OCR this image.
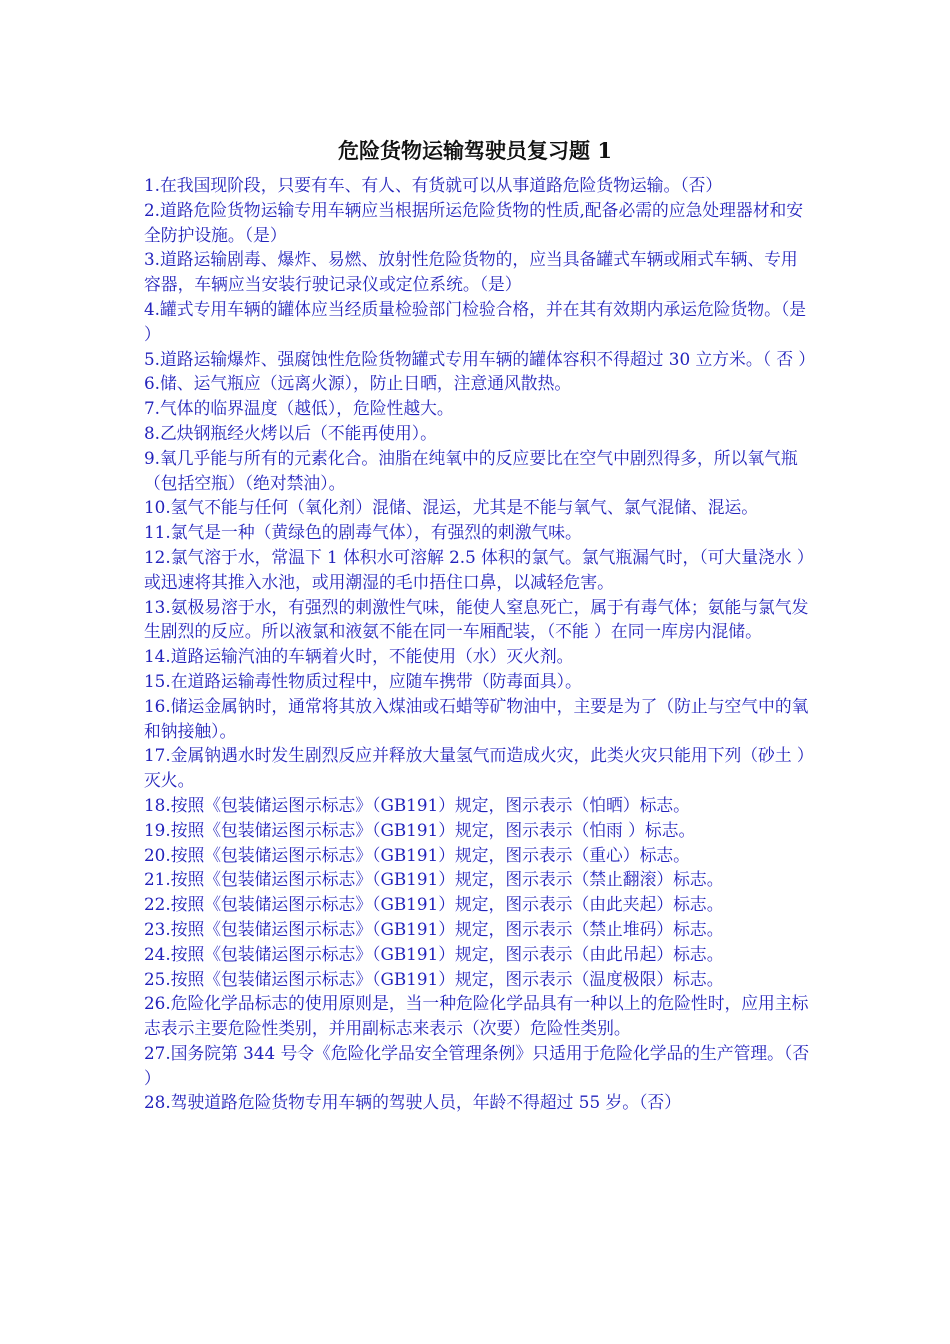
危险货物运输驾驶员复习题 1
1.在我国现阶段，只要有车、有人、有货就可以从事道路危险货物运输。（否）
2.道路危险货物运输专用车辆应当根据所运危险货物的性质,配备必需的应急处理器材和安全防护设施。（是）
3.道路运输剧毒、爆炸、易燃、放射性危险货物的，应当具备罐式车辆或厢式车辆、专用容器，车辆应当安装行驶记录仪或定位系统。（是）
4.罐式专用车辆的罐体应当经质量检验部门检验合格，并在其有效期内承运危险货物。（是 ）
5.道路运输爆炸、强腐蚀性危险货物罐式专用车辆的罐体容积不得超过 30 立方米。（ 否 ）
6.储、运气瓶应（远离火源），防止日晒，注意通风散热。
7.气体的临界温度（越低），危险性越大。
8.乙炔钢瓶经火烤以后（不能再使用）。
9.氧几乎能与所有的元素化合。油脂在纯氧中的反应要比在空气中剧烈得多，所以氧气瓶（包括空瓶）（绝对禁油）。
10.氢气不能与任何（氧化剂）混储、混运，尤其是不能与氧气、氯气混储、混运。
11.氯气是一种（黄绿色的剧毒气体），有强烈的刺激气味。
12.氯气溶于水，常温下 1 体积水可溶解 2.5 体积的氯气。氯气瓶漏气时，（可大量浇水 ）或迅速将其推入水池，或用潮湿的毛巾捂住口鼻，以减轻危害。
13.氨极易溶于水，有强烈的刺激性气味，能使人窒息死亡，属于有毒气体；氨能与氯气发生剧烈的反应。所以液氯和液氨不能在同一车厢配装，（不能 ）在同一库房内混储。
14.道路运输汽油的车辆着火时，不能使用（水）灭火剂。
15.在道路运输毒性物质过程中，应随车携带（防毒面具）。
16.储运金属钠时，通常将其放入煤油或石蜡等矿物油中，主要是为了（防止与空气中的氧和钠接触）。
17.金属钠遇水时发生剧烈反应并释放大量氢气而造成火灾，此类火灾只能用下列（砂土 ）灭火。
18.按照《包装储运图示标志》（GB191）规定，图示表示（怕晒）标志。
19.按照《包装储运图示标志》（GB191）规定，图示表示（怕雨 ）标志。
20.按照《包装储运图示标志》（GB191）规定，图示表示（重心）标志。
21.按照《包装储运图示标志》（GB191）规定，图示表示（禁止翻滚）标志。
22.按照《包装储运图示标志》（GB191）规定，图示表示（由此夹起）标志。
23.按照《包装储运图示标志》（GB191）规定，图示表示（禁止堆码）标志。
24.按照《包装储运图示标志》（GB191）规定，图示表示（由此吊起）标志。
25.按照《包装储运图示标志》（GB191）规定，图示表示（温度极限）标志。
26.危险化学品标志的使用原则是，当一种危险化学品具有一种以上的危险性时，应用主标志表示主要危险性类别，并用副标志来表示（次要）危险性类别。
27.国务院第 344 号令《危险化学品安全管理条例》只适用于危险化学品的生产管理。（否 ）
28.驾驶道路危险货物专用车辆的驾驶人员，年龄不得超过 55 岁。（否）
